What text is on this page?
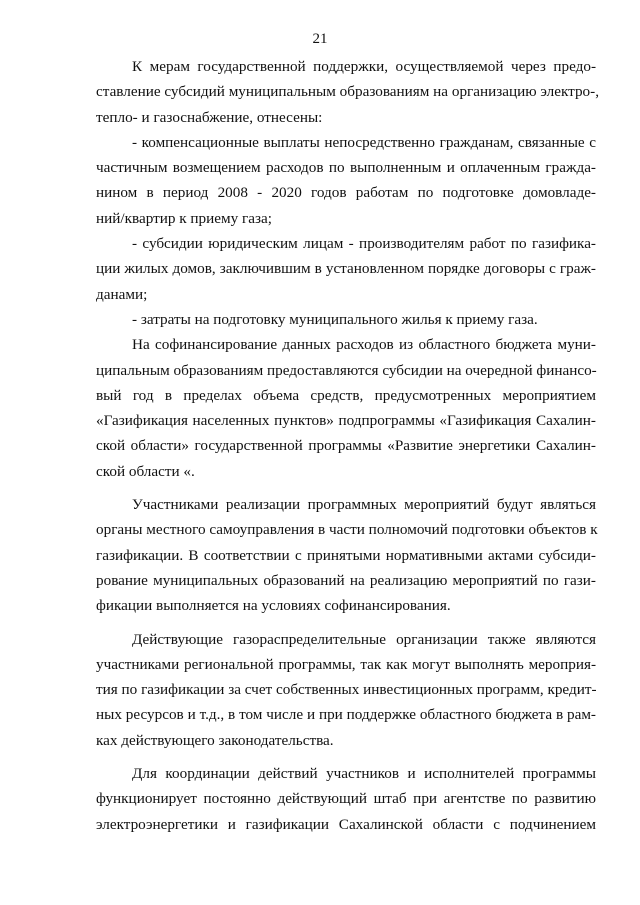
21
К мерам государственной поддержки, осуществляемой через предо-
ставление субсидий муниципальным образованиям на организацию электро-,
тепло- и газоснабжение, отнесены:
- компенсационные выплаты непосредственно гражданам, связанные с
частичным возмещением расходов по выполненным и оплаченным гражда-
нином в период 2008 - 2020 годов работам по подготовке домовладе-
ний/квартир к приему газа;
- субсидии юридическим лицам - производителям работ по газифика-
ции жилых домов, заключившим в установленном порядке договоры с граж-
данами;
- затраты на подготовку муниципального жилья к приему газа.
На софинансирование данных расходов из областного бюджета муни-
ципальным образованиям предоставляются субсидии на очередной финансо-
вый год в пределах объема средств, предусмотренных мероприятием
«Газификация населенных пунктов» подпрограммы «Газификация Сахалин-
ской области» государственной программы «Развитие энергетики Сахалин-
ской области «.
Участниками реализации программных мероприятий будут являться
органы местного самоуправления в части полномочий подготовки объектов к
газификации. В соответствии с принятыми нормативными актами субсиди-
рование муниципальных образований на реализацию мероприятий по гази-
фикации выполняется на условиях софинансирования.
Действующие газораспределительные организации также являются
участниками региональной программы, так как могут выполнять мероприя-
тия по газификации за счет собственных инвестиционных программ, кредит-
ных ресурсов и т.д., в том числе и при поддержке областного бюджета в рам-
ках действующего законодательства.
Для координации действий участников и исполнителей программы
функционирует постоянно действующий штаб при агентстве по развитию
электроэнергетики и газификации Сахалинской области с подчинением
